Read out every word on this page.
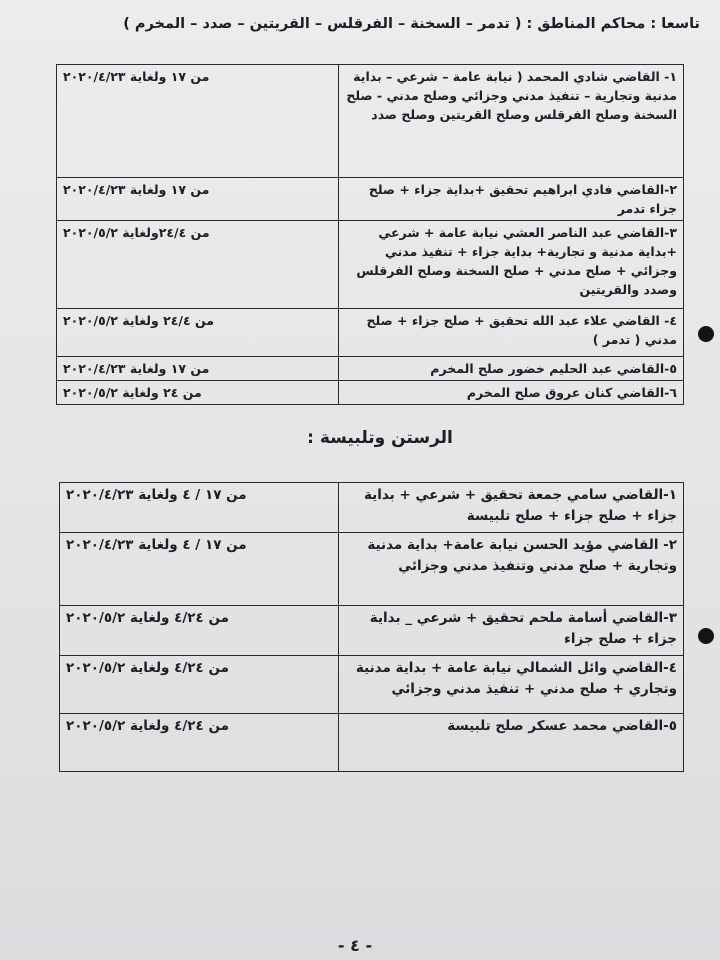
تاسعا : محاكم المناطق : ( تدمر – السخنة – الفرقلس – القريتين – صدد – المخرم )
١- القاضي شادي المحمد ( نيابة عامة – شرعي – بداية مدنية وتجارية – تنفيذ مدني وجزائي وصلح مدني - صلح السخنة وصلح الفرقلس وصلح القريتين وصلح صدد	من ١٧ ولغاية ٢٠٢٠/٤/٢٣
٢-القاضي فادي ابراهيم تحقيق +بداية جزاء + صلح جزاء تدمر	من ١٧ ولغاية ٢٠٢٠/٤/٢٣
٣-القاضي عبد الناصر العشي نيابة عامة + شرعي +بداية مدنية و تجارية+ بداية جزاء + تنفيذ مدني وجزائي + صلح مدني + صلح السخنة وصلح الفرقلس وصدد والقريتين	من ٢٤/٤ولغاية ٢٠٢٠/٥/٢
٤- القاضي علاء عبد الله تحقيق + صلح جزاء + صلح مدني ( تدمر )	من ٢٤/٤ ولغاية ٢٠٢٠/٥/٢
٥-القاضي عبد الحليم خضور صلح المخرم	من ١٧ ولغاية ٢٠٢٠/٤/٢٣
٦-القاضي كنان عروق صلح المخرم	من ٢٤ ولغاية ٢٠٢٠/٥/٢
الرستن وتلبيسة :
١-القاضي سامي جمعة تحقيق + شرعي + بداية جزاء + صلح جزاء + صلح تلبيسة	من ١٧ / ٤ ولغاية ٢٠٢٠/٤/٢٣
٢- القاضي مؤيد الحسن نيابة عامة+ بداية مدنية وتجارية + صلح مدني وتنفيذ مدني وجزائي	من ١٧ / ٤ ولغاية ٢٠٢٠/٤/٢٣
٣-القاضي أسامة ملحم تحقيق + شرعي _ بداية جزاء + صلح جزاء	من ٤/٢٤ ولغاية ٢٠٢٠/٥/٢
٤-القاضي وائل الشمالي نيابة عامة + بداية مدنية وتجاري + صلح مدني + تنفيذ مدني وجزائي	من ٤/٢٤ ولغاية ٢٠٢٠/٥/٢
٥-القاضي محمد عسكر صلح تلبيسة	من ٤/٢٤ ولغاية ٢٠٢٠/٥/٢
- ٤ -
